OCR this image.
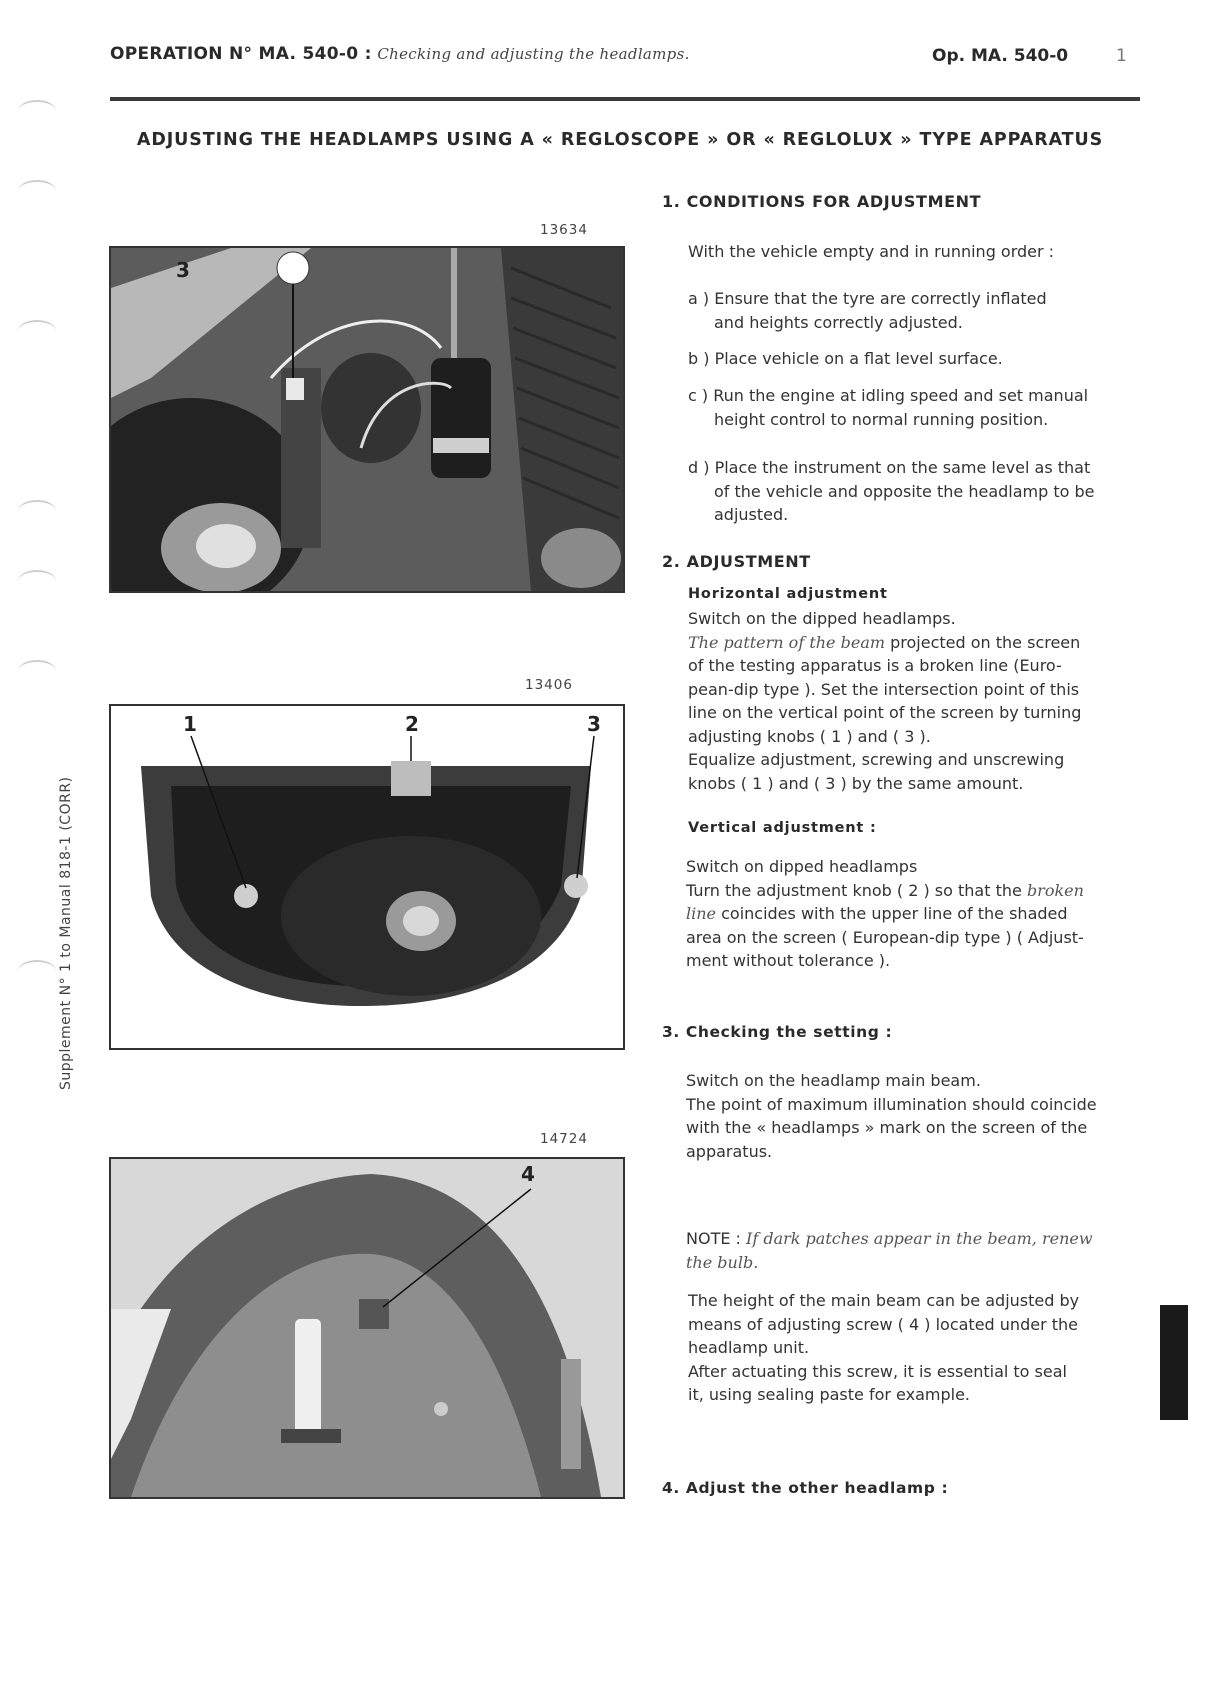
OPERATION N° MA. 540-0 : Checking and adjusting the headlamps.	Op. MA. 540-0	1
ADJUSTING THE HEADLAMPS USING A « REGLOSCOPE » OR « REGLOLUX » TYPE APPARATUS
Supplement N° 1 to Manual 818-1 (CORR)
13634
3
13406
1	2	3
14724
4
1. CONDITIONS FOR ADJUSTMENT
With the vehicle empty and in running order :
a ) Ensure that the tyre are correctly inflated
and heights correctly adjusted.
b ) Place vehicle on a flat level surface.
c ) Run the engine at idling speed and set manual
height control to normal running position.
d ) Place the instrument on the same level as that
of the vehicle and opposite the headlamp to be
adjusted.
2. ADJUSTMENT
Horizontal adjustment
Switch on the dipped headlamps.
The pattern of the beam projected on the screen
of the testing apparatus is a broken line (Euro-
pean-dip type ). Set the intersection point of this
line on the vertical point of the screen by turning
adjusting knobs ( 1 ) and ( 3 ).
Equalize adjustment, screwing and unscrewing
knobs ( 1 ) and ( 3 ) by the same amount.
Vertical adjustment :
Switch on dipped headlamps
Turn the adjustment knob ( 2 ) so that the broken
line coincides with the upper line of the shaded
area on the screen ( European-dip type ) ( Adjust-
ment without tolerance ).
3. Checking the setting :
Switch on the headlamp main beam.
The point of maximum illumination should coincide
with the « headlamps » mark on the screen of the
apparatus.
NOTE : If dark patches appear in the beam, renew
the bulb.
The height of the main beam can be adjusted by
means of adjusting screw ( 4 ) located under the
headlamp unit.
After actuating this screw, it is essential to seal
it, using sealing paste for example.
4. Adjust the other headlamp :
